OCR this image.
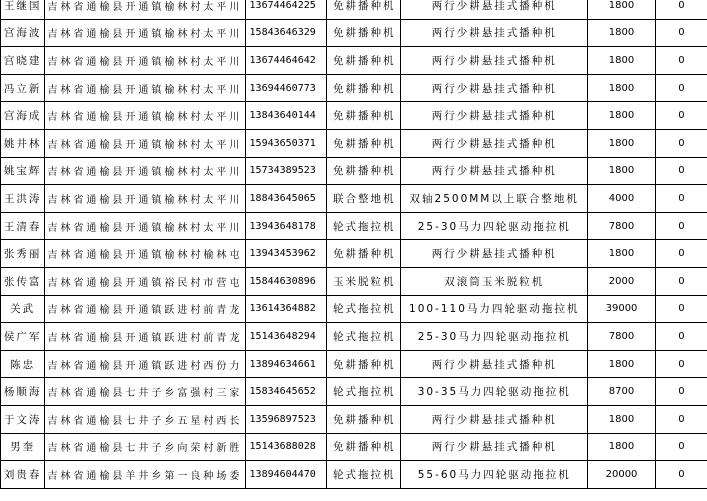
王继国	吉林省通榆县开通镇榆林村太平川	13674464225	免耕播种机	两行少耕悬挂式播种机	1800	0
宫海波	吉林省通榆县开通镇榆林村太平川	15843646329	免耕播种机	两行少耕悬挂式播种机	1800	0
宫晓建	吉林省通榆县开通镇榆林村太平川	13674464642	免耕播种机	两行少耕悬挂式播种机	1800	0
冯立新	吉林省通榆县开通镇榆林村太平川	13694460773	免耕播种机	两行少耕悬挂式播种机	1800	0
宫海成	吉林省通榆县开通镇榆林村太平川	13843640144	免耕播种机	两行少耕悬挂式播种机	1800	0
姚井林	吉林省通榆县开通镇榆林村太平川	15943650371	免耕播种机	两行少耕悬挂式播种机	1800	0
姚宝辉	吉林省通榆县开通镇榆林村太平川	15734389523	免耕播种机	两行少耕悬挂式播种机	1800	0
王洪涛	吉林省通榆县开通镇榆林村太平川	18843645065	联合整地机	双轴2500MM以上联合整地机	4000	0
王清春	吉林省通榆县开通镇榆林村太平川	13943648178	轮式拖拉机	25-30马力四轮驱动拖拉机	7800	0
张秀丽	吉林省通榆县开通镇榆林村榆林屯	13943453962	免耕播种机	两行少耕悬挂式播种机	1800	0
张传富	吉林省通榆县开通镇裕民村市营屯	15844630896	玉米脱粒机	双滚筒玉米脱粒机	2000	0
关武	吉林省通榆县开通镇跃进村前青龙	13614364882	轮式拖拉机	100-110马力四轮驱动拖拉机	39000	0
侯广军	吉林省通榆县开通镇跃进村前青龙	15143648294	轮式拖拉机	25-30马力四轮驱动拖拉机	7800	0
陈忠	吉林省通榆县开通镇跃进村西份力	13894634661	免耕播种机	两行少耕悬挂式播种机	1800	0
杨顺海	吉林省通榆县七井子乡富强村三家	15834645652	轮式拖拉机	30-35马力四轮驱动拖拉机	8700	0
于文涛	吉林省通榆县七井子乡五星村西长	13596897523	免耕播种机	两行少耕悬挂式播种机	1800	0
男奎	吉林省通榆县七井子乡向荣村新胜	15143688028	免耕播种机	两行少耕悬挂式播种机	1800	0
刘贵春	吉林省通榆县羊井乡第一良种场委	13894604470	轮式拖拉机	55-60马力四轮驱动拖拉机	20000	0
